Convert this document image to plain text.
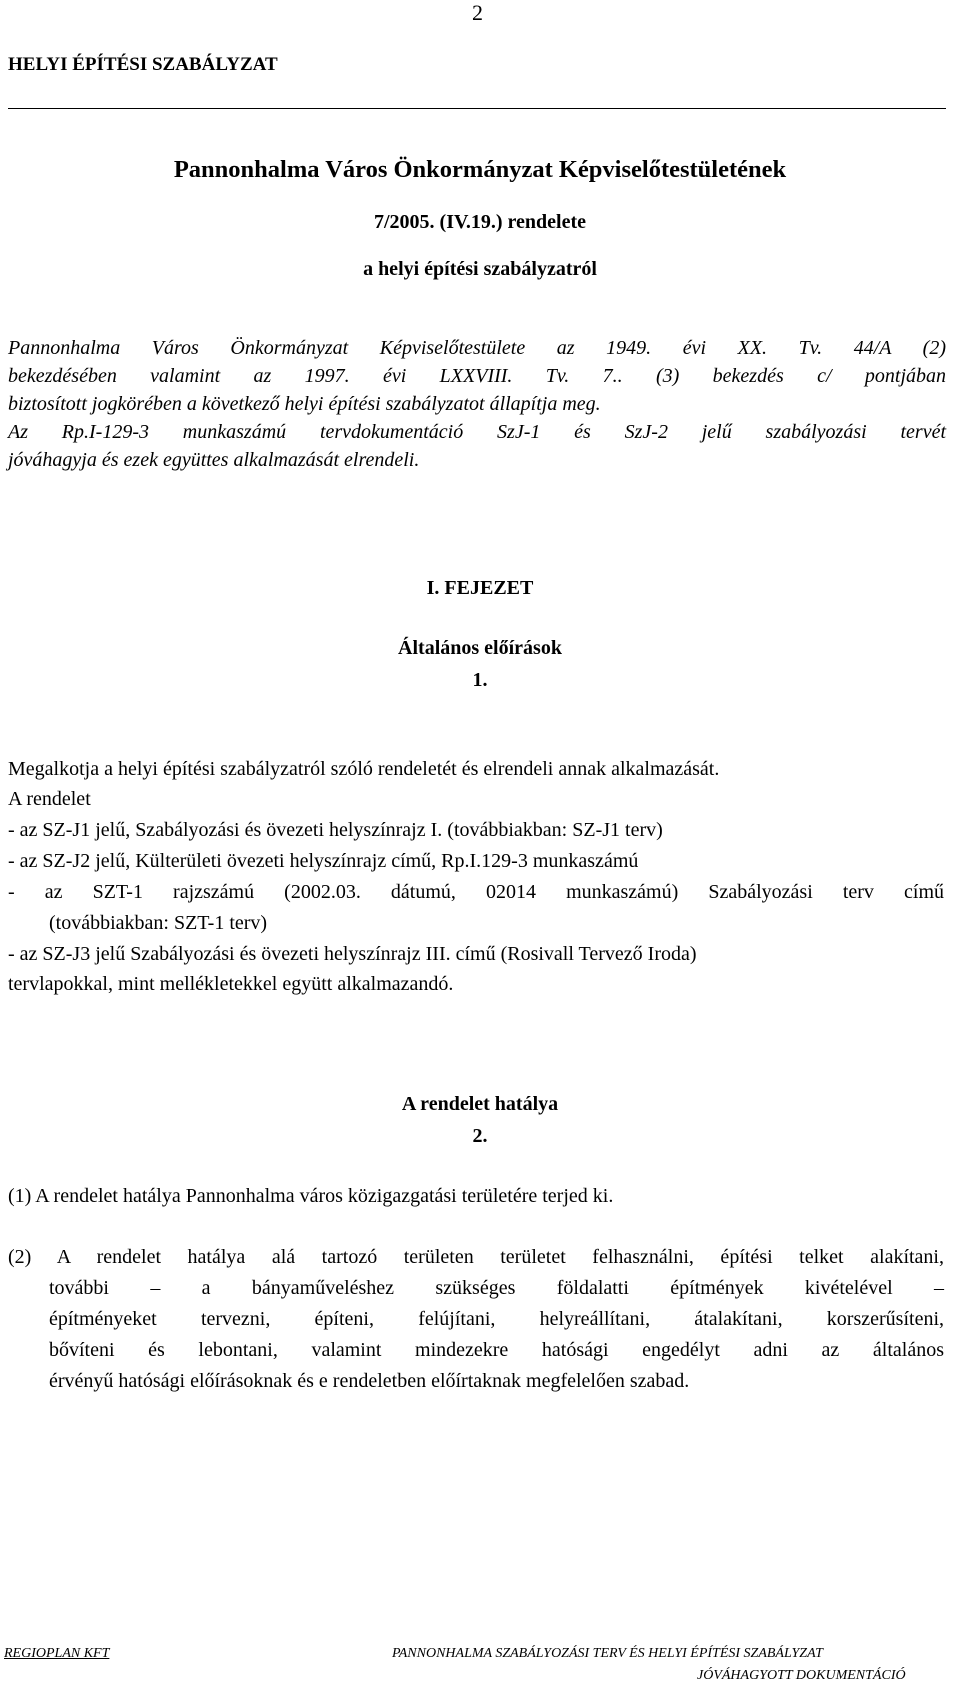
2
HELYI ÉPÍTÉSI SZABÁLYZAT
Pannonhalma Város Önkormányzat Képviselőtestületének
7/2005. (IV.19.) rendelete
a helyi építési szabályzatról
Pannonhalma Város Önkormányzat Képviselőtestülete az 1949. évi XX. Tv. 44/A (2)
bekezdésében valamint az 1997. évi LXXVIII. Tv. 7.. (3) bekezdés c/ pontjában
biztosított jogkörében a következő helyi építési szabályzatot állapítja meg.
Az Rp.I-129-3 munkaszámú tervdokumentáció SzJ-1 és SzJ-2 jelű szabályozási tervét
jóváhagyja és ezek együttes alkalmazását elrendeli.
I. FEJEZET
Általános előírások
1.
Megalkotja a helyi építési szabályzatról szóló rendeletét és elrendeli annak alkalmazását.
A rendelet
- az SZ-J1 jelű, Szabályozási és övezeti helyszínrajz I. (továbbiakban: SZ-J1 terv)
- az SZ-J2 jelű, Külterületi övezeti helyszínrajz című, Rp.I.129-3 munkaszámú
- az SZT-1 rajzszámú (2002.03. dátumú, 02014 munkaszámú) Szabályozási terv című
(továbbiakban: SZT-1 terv)
- az SZ-J3 jelű Szabályozási és övezeti helyszínrajz III. című (Rosivall Tervező Iroda)
tervlapokkal, mint mellékletekkel együtt alkalmazandó.
A rendelet hatálya
2.
(1) A rendelet hatálya Pannonhalma város közigazgatási területére terjed ki.
(2) A rendelet hatálya alá tartozó területen területet felhasználni, építési telket alakítani,
további – a bányaműveléshez szükséges földalatti építmények kivételével –
építményeket tervezni, építeni, felújítani, helyreállítani, átalakítani, korszerűsíteni,
bővíteni és lebontani, valamint mindezekre hatósági engedélyt adni az általános
érvényű hatósági előírásoknak és e rendeletben előírtaknak megfelelően szabad.
REGIOPLAN KFT	PANNONHALMA SZABÁLYOZÁSI TERV ÉS HELYI ÉPÍTÉSI SZABÁLYZAT
JÓVÁHAGYOTT DOKUMENTÁCIÓ
